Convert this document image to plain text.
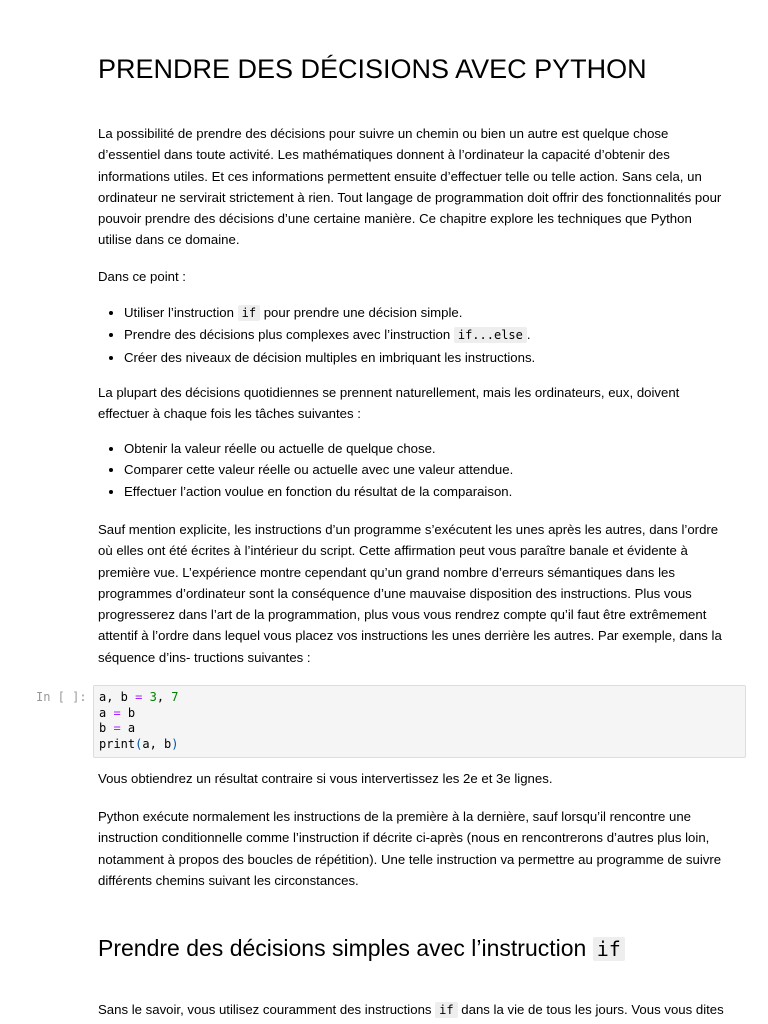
PRENDRE DES DÉCISIONS AVEC PYTHON

La possibilité de prendre des décisions pour suivre un chemin ou bien un autre est quelque chose d’essentiel dans toute activité. Les mathématiques donnent à l’ordinateur la capacité d’obtenir des informations utiles. Et ces informations permettent ensuite d’effectuer telle ou telle action. Sans cela, un ordinateur ne servirait strictement à rien. Tout langage de programmation doit offrir des fonctionnalités pour pouvoir prendre des décisions d’une certaine manière. Ce chapitre explore les techniques que Python utilise dans ce domaine.

Dans ce point :

• Utiliser l’instruction if pour prendre une décision simple.
• Prendre des décisions plus complexes avec l’instruction if...else .
• Créer des niveaux de décision multiples en imbriquant les instructions.

La plupart des décisions quotidiennes se prennent naturellement, mais les ordinateurs, eux, doivent effectuer à chaque fois les tâches suivantes :

• Obtenir la valeur réelle ou actuelle de quelque chose.
• Comparer cette valeur réelle ou actuelle avec une valeur attendue.
• Effectuer l’action voulue en fonction du résultat de la comparaison.

Sauf mention explicite, les instructions d’un programme s’exécutent les unes après les autres, dans l’ordre où elles ont été écrites à l’intérieur du script. Cette affirmation peut vous paraître banale et évidente à première vue. L’expérience montre cependant qu’un grand nombre d’erreurs sémantiques dans les programmes d’ordinateur sont la conséquence d’une mauvaise disposition des instructions. Plus vous progresserez dans l’art de la programmation, plus vous vous rendrez compte qu’il faut être extrêmement attentif à l’ordre dans lequel vous placez vos instructions les unes derrière les autres. Par exemple, dans la séquence d’ins- tructions suivantes :

In [ ]:	a, b = 3, 7
a = b
b = a
print(a, b)

Vous obtiendrez un résultat contraire si vous intervertissez les 2e et 3e lignes.

Python exécute normalement les instructions de la première à la dernière, sauf lorsqu’il rencontre une instruction conditionnelle comme l’instruction if décrite ci-après (nous en rencontrerons d’autres plus loin, notamment à propos des boucles de répétition). Une telle instruction va permettre au programme de suivre différents chemins suivant les circonstances.

Prendre des décisions simples avec l’instruction if

Sans le savoir, vous utilisez couramment des instructions if dans la vie de tous les jours. Vous vous dites
